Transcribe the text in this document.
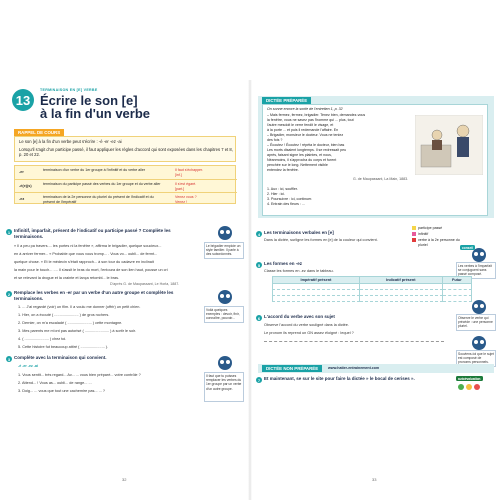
TERMINAISON EN [E] VERBE
13 Écrire le son [e]
à la fin d'un verbe
RAPPEL DE COURS
Le son [e] à la fin d'un verbe peut s'écrire : -é -er -ez -ai
Lorsqu'il s'agit d'un participe passé, il faut appliquer les règles d'accord qui sont exposées dans les chapitres 7 et 8, p. 20 et 22.
-er	terminaison d'un verbe du 1er groupe à l'infinitif et du verbe aller	Il faut s'échapper.
[inf.]
-é(e)(s)	terminaison du participe passé des verbes du 1er groupe et du verbe aller	Il s'est égaré.
[part.]
-ez	terminaison de la 2e personne du pluriel du présent de l'indicatif et du présent de l'impératif
Venez vous ?
Venez !
1 Infinitif, imparfait, présent de l'indicatif ou participe passé ? Complète les terminaisons.
« Il a peu pa travers.... les portes ni la fenêtre », affirma le brigadier, quelque soucieux...
en à arriver fermer... « Probable que vous vous tromp... . Vous vo... oubli... de fermt...
quelque chose. » Et le médecin s'était rapproch... à son tour du cadavre en inclinait
la main pour le touch... .... Il s'assit le bras du mort, l'entoura de son lien haut, pousse un cri
et se relevant la drogue et la crainte et lança retombl... le bras.
D'après G. de Maupassant, Le Horla, 1887.
Le brigadier emploie un style familier. Il parle à des subordonnés.
2 Remplace les verbes en -er par un verbe d'un autre groupe et complète les terminaisons.
1. ... J'ai regardé (voir) un film. Il a voulu me donner (offrir) un petit chien.
1. Hier, on a écouté ( ....................... ) de gros rochers.
2. Dernier, on m'a escaladé ( ....................... ) cette montagne.
3. Mes parents me m'ont pas autorisé ( ....................... ) à sortir le soir.
4. ( ....................... ) chez toi.
5. Cette histoire fut beaucoup attiré ( ....................... ).
Voilà quelques exemples : devoir, finir, connaître, pouvoir...
3 Complète avec la terminaison qui convient.
-é -er -ez -ai
1. Vous sentit... très regard... Av... ... vous bien préparé... votre contrôle ?
2. Attend... ! Vous as... oubli... de range... ...
3. Doig... ... vous que tout une cachemire pas... ... ?
Il faut que tu puisses remplacer les verbes du 1er groupe par un verbe d'un autre groupe.
32
DICTÉE PRÉPARÉE
On sonne encore la sortie de l'entretien 1, p. 32
– Mais fermez, fermez, brigadier. Tenez bien, demandez-vous
la fenêtre, vous ne savez pas l'homme qui ... plus, tout
l'autre mesdoit le verre fendit le visage, et
à la porte ... et puis il redemande l'affaire. En
– Brigadier, monsieur le docteur. Vous ne teniez
des fois ?
– Écoutez ! Écoutez ! répéta le docteur, bien bas
Les morts disaient longtemps. Il se redressait peu
après, faisant signe les plaintes, et nous,
Néanmoins, il s'approcha du corps et furent
penchée sur le long. Nettement visible
entendez la fenêtre.
G. de Maupassant, La Main, 1883.
1. Aux : ici, souffler.
2. Hier : ici.
3. Poursuivre : ici, continuer.
4. Entrain des fleurs : ...
participe passé
infinitif
verbe à la 2e personne du pluriel
4 Les terminaisons verbales en [e]
Dans la dictée, surligne les formes en [e] de la couleur qui convient.
conseil
Les verbes à l'imparfait se conjuguent sans passé composé.
5 Les formes en -ez
Classe les formes en -ez dans le tableau.
Impératif présent	Indicatif présent	Futur

Observe le verbe qui précède : une personne pluriel.
6 L'accord du verbe avec son sujet
Observe l'accord du verbe souligné dans la dictée.
Le pronom ils reprend un GN assez éloigné : lequel ?
Souviens-toi que le sujet est composé de pronoms personnels.
DICTÉE NON PRÉPARÉE	www.hatier-entrainement.com
7 Et maintenant, se sur le site pour faire la dictée » le bocal de cerises ».	autoévaluation
33
